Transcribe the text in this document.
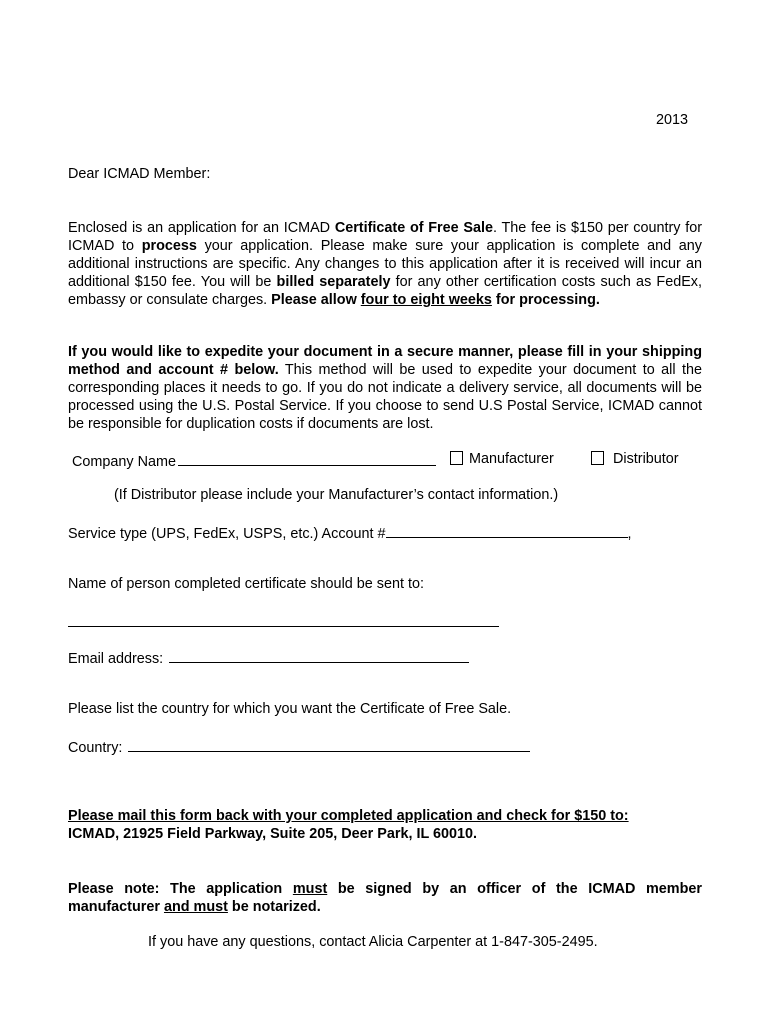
2013
Dear ICMAD Member:
Enclosed is an application for an ICMAD Certificate of Free Sale. The fee is $150 per country for ICMAD to process your application. Please make sure your application is complete and any additional instructions are specific. Any changes to this application after it is received will incur an additional $150 fee. You will be billed separately for any other certification costs such as FedEx, embassy or consulate charges. Please allow four to eight weeks for processing.
If you would like to expedite your document in a secure manner, please fill in your shipping method and account # below. This method will be used to expedite your document to all the corresponding places it needs to go. If you do not indicate a delivery service, all documents will be processed using the U.S. Postal Service. If you choose to send U.S Postal Service, ICMAD cannot be responsible for duplication costs if documents are lost.
Company Name	Manufacturer	Distributor
(If Distributor please include your Manufacturer’s contact information.)
Service type (UPS, FedEx, USPS, etc.) Account #	,
Name of person completed certificate should be sent to:
Email address:
Please list the country for which you want the Certificate of Free Sale.
Country:
Please mail this form back with your completed application and check for $150 to:
ICMAD, 21925 Field Parkway, Suite 205, Deer Park, IL 60010.
Please note: The application must be signed by an officer of the ICMAD member manufacturer and must be notarized.
If you have any questions, contact Alicia Carpenter at 1-847-305-2495.
